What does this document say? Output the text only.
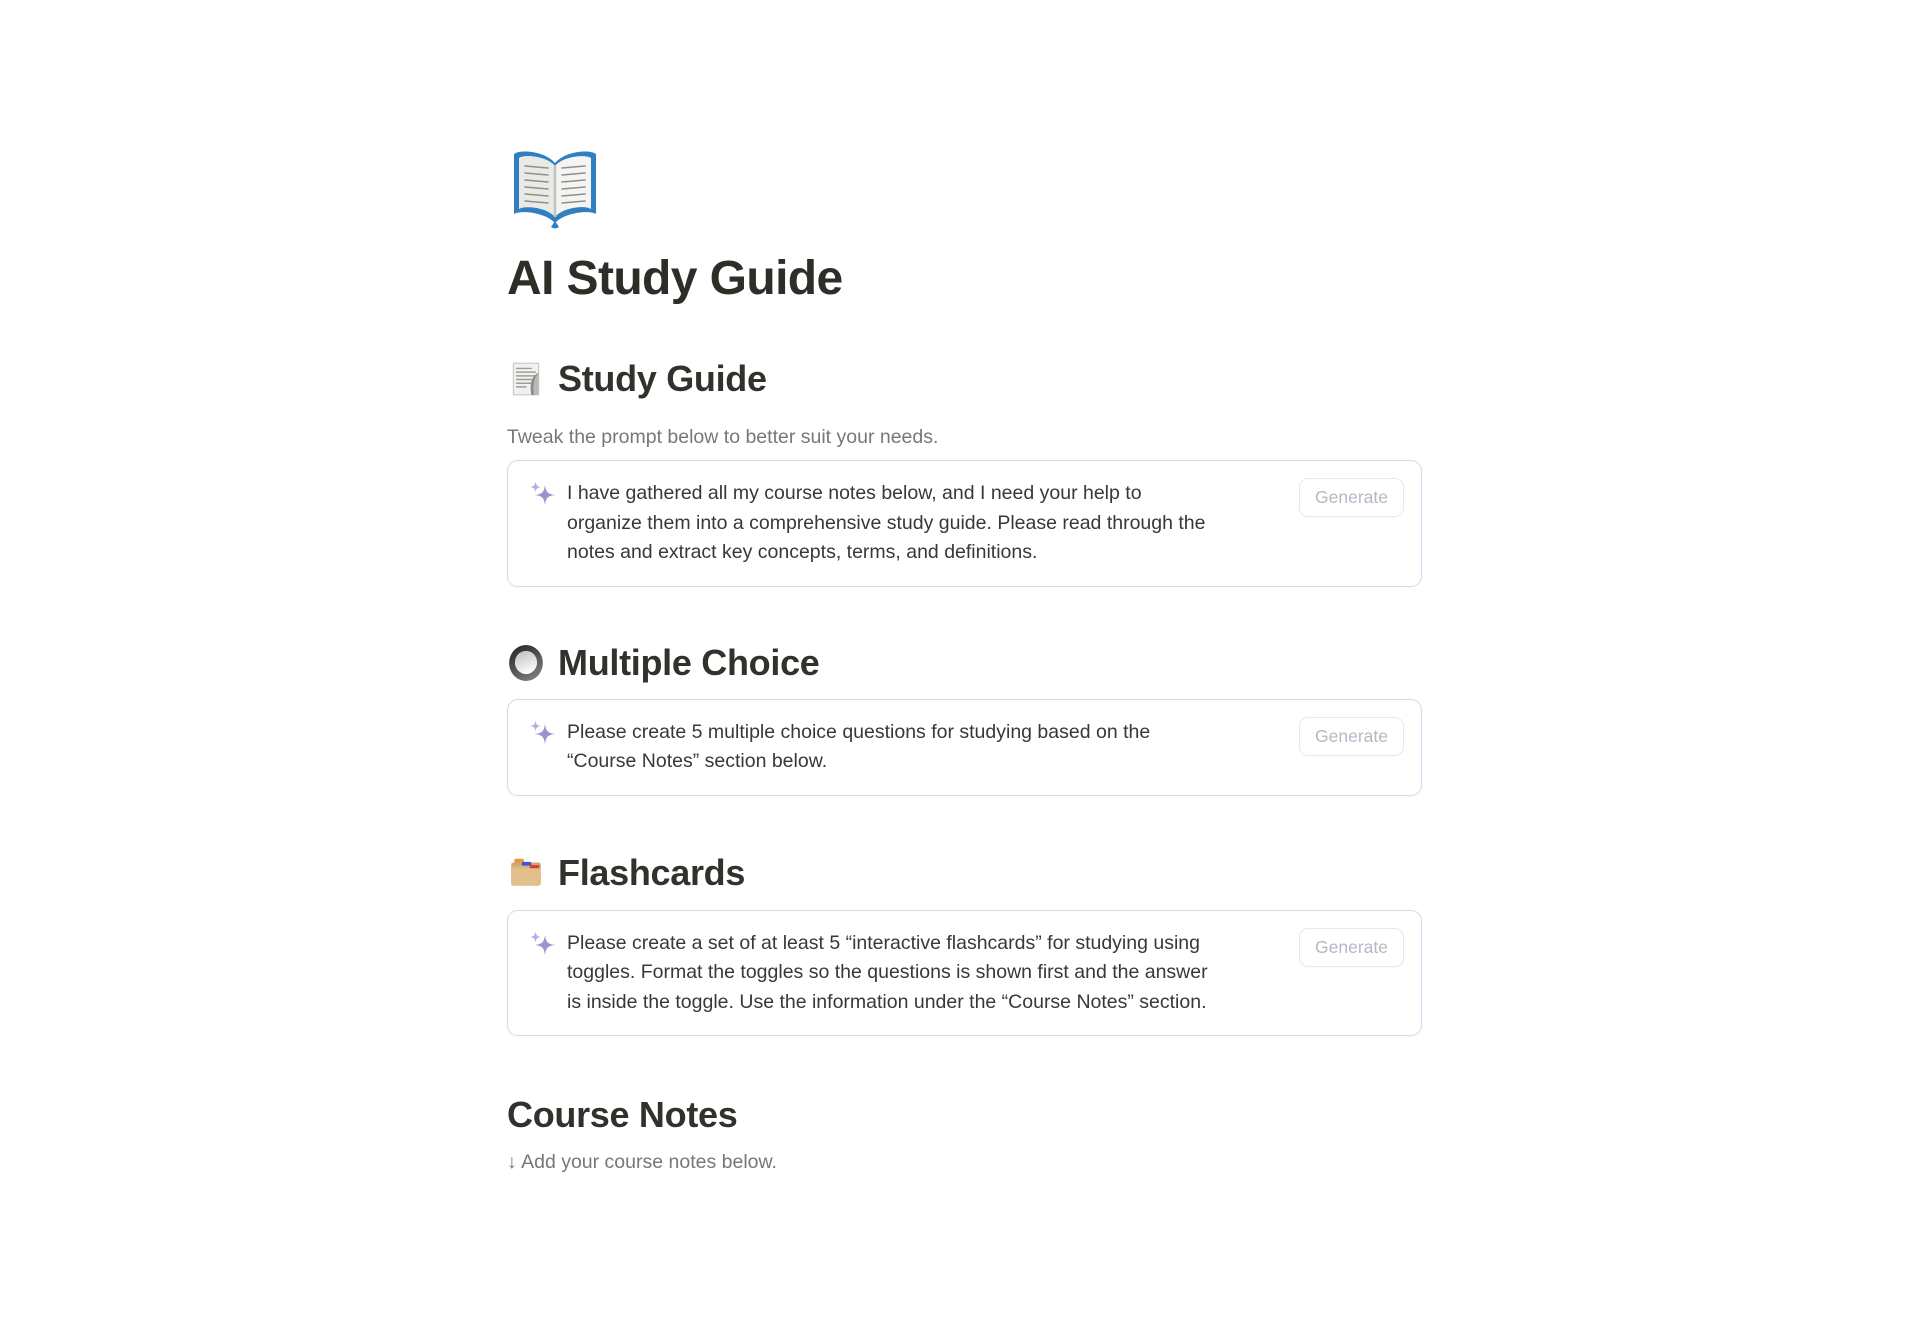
AI Study Guide
Study Guide

Tweak the prompt below to better suit your needs.

I have gathered all my course notes below, and I need your help to
organize them into a comprehensive study guide. Please read through the
notes and extract key concepts, terms, and definitions.
Generate
Multiple Choice
Please create 5 multiple choice questions for studying based on the
“Course Notes” section below.
Generate
Flashcards
Please create a set of at least 5 “interactive flashcards” for studying using
toggles. Format the toggles so the questions is shown first and the answer
is inside the toggle. Use the information under the “Course Notes” section.
Generate
Course Notes

↓ Add your course notes below.
